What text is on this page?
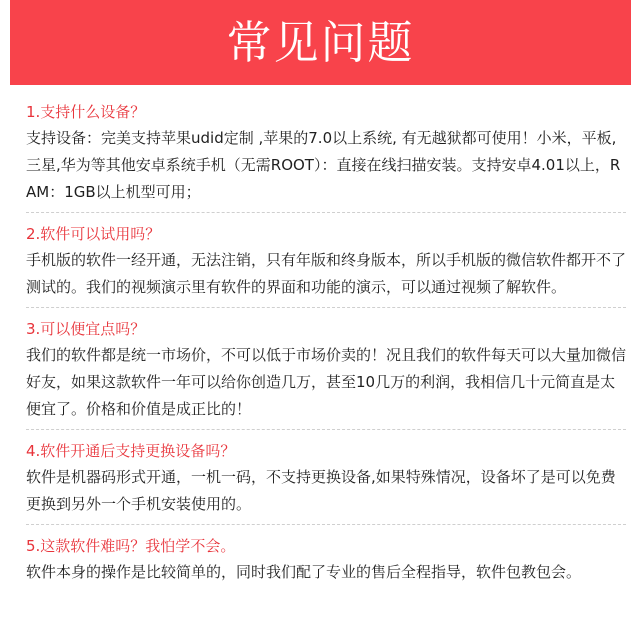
常见问题
1.支持什么设备？

支持设备：完美支持苹果udid定制 ,苹果的7.0以上系统, 有无越狱都可使用！小米，平板,三星,华为等其他安卓系统手机（无需ROOT）：直接在线扫描安装。支持安卓4.01以上，RAM：1GB以上机型可用；

2.软件可以试用吗？

手机版的软件一经开通，无法注销，只有年版和终身版本，所以手机版的微信软件都开不了测试的。我们的视频演示里有软件的界面和功能的演示，可以通过视频了解软件。

3.可以便宜点吗？

我们的软件都是统一市场价，不可以低于市场价卖的！况且我们的软件每天可以大量加微信好友，如果这款软件一年可以给你创造几万，甚至10几万的利润，我相信几十元简直是太便宜了。价格和价值是成正比的！

4.软件开通后支持更换设备吗？

软件是机器码形式开通，一机一码，不支持更换设备,如果特殊情况，设备坏了是可以免费更换到另外一个手机安装使用的。

5.这款软件难吗？我怕学不会。

软件本身的操作是比较简单的，同时我们配了专业的售后全程指导，软件包教包会。
